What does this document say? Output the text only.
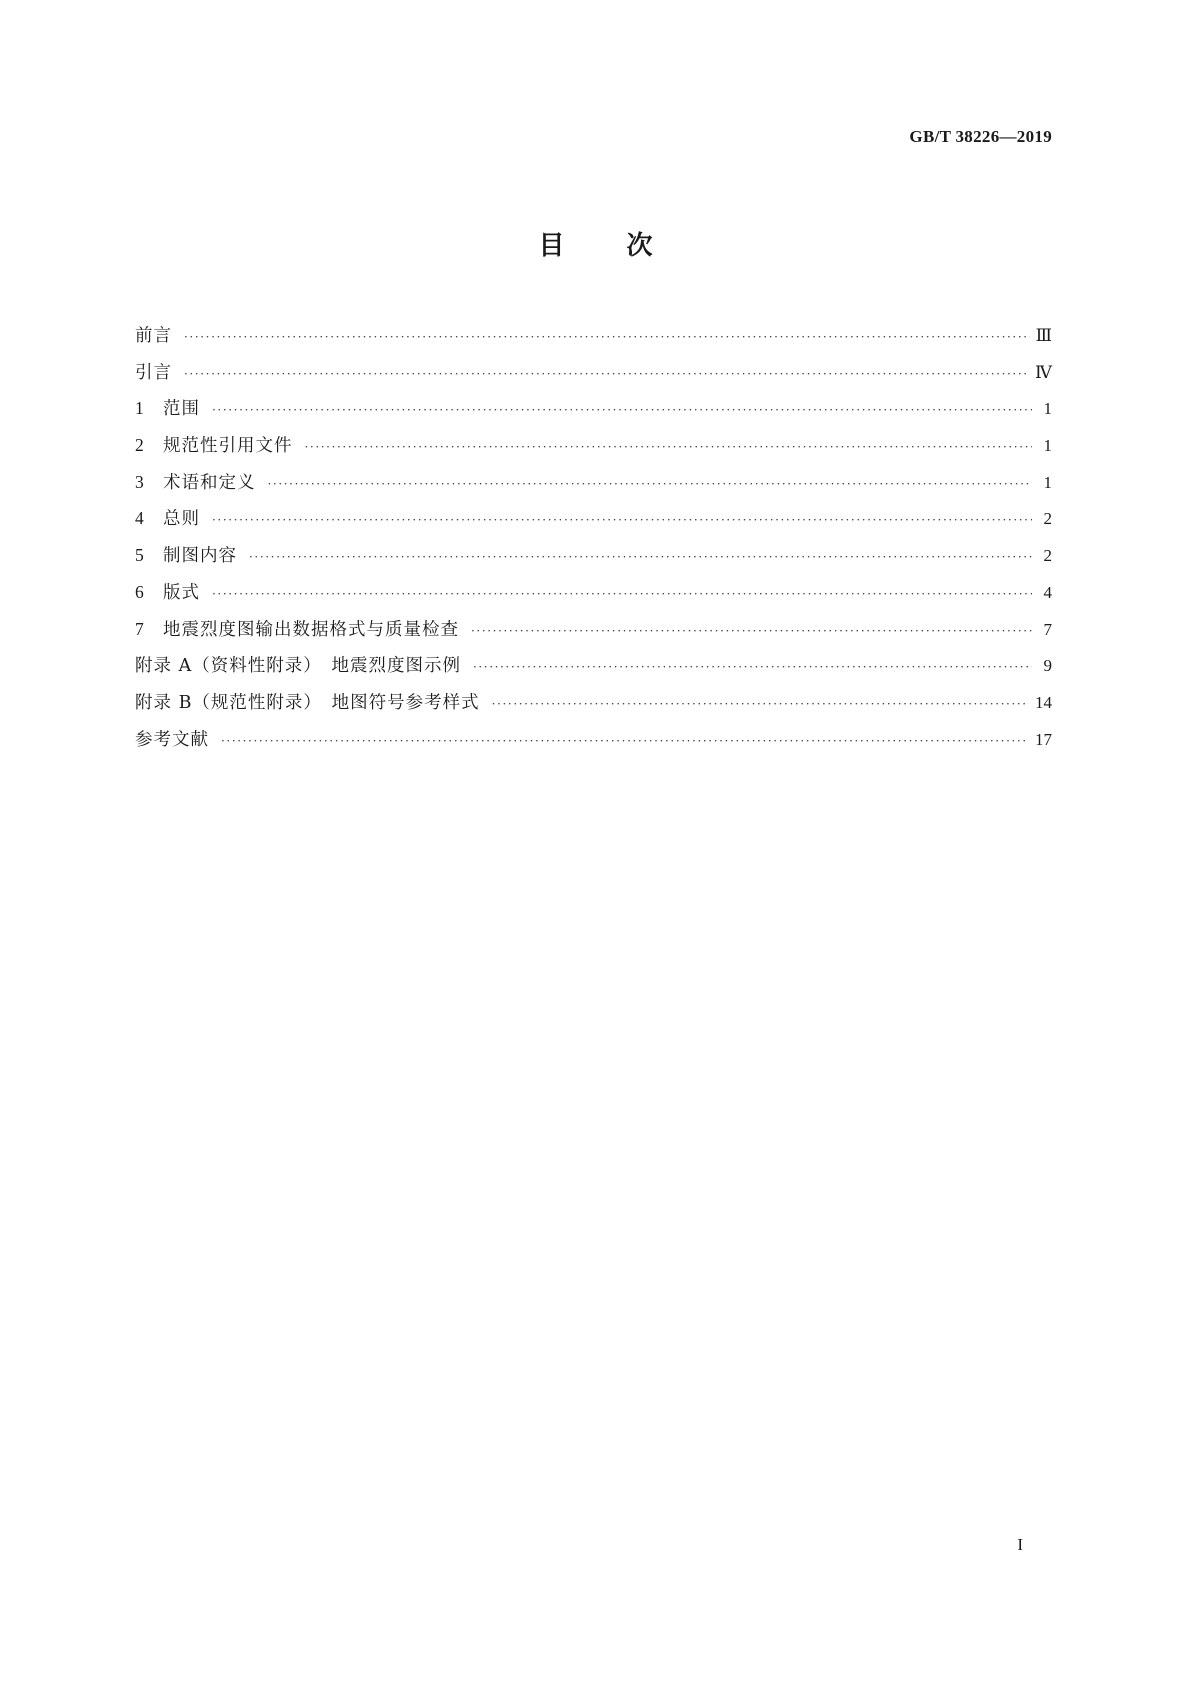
GB/T 38226—2019
目 次
前言 ·····	Ⅲ
引言 ·····	Ⅳ
1	范围 ·····	1
2	规范性引用文件 ·····	1
3	术语和定义 ·····	1
4	总则 ·····	2
5	制图内容 ·····	2
6	版式 ·····	4
7	地震烈度图输出数据格式与质量检查 ·····	7
附录 A（资料性附录）　地震烈度图示例 ·····	9
附录 B（规范性附录）　地图符号参考样式 ·····	14
参考文献 ·····	17
I
